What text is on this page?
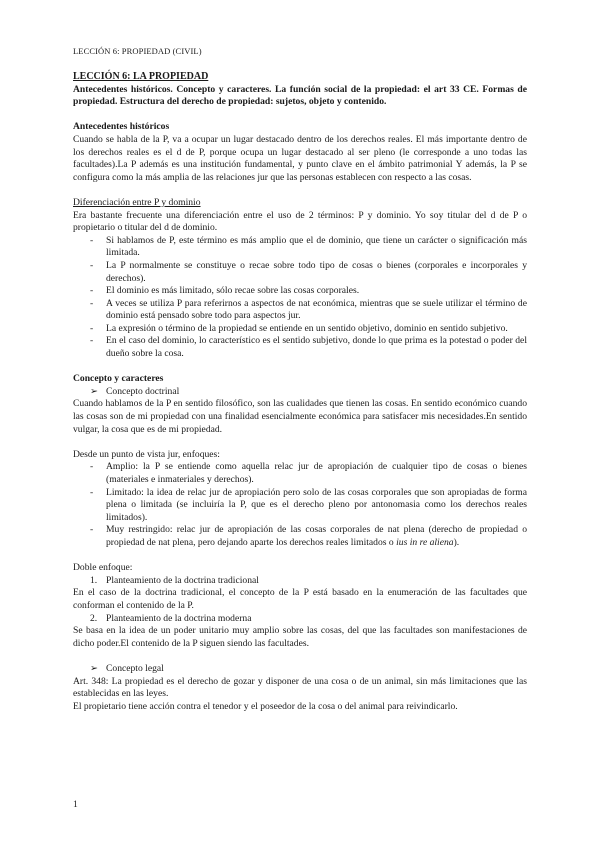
LECCIÓN 6: PROPIEDAD (CIVIL)

LECCIÓN 6: LA PROPIEDAD

Antecedentes históricos. Concepto y caracteres. La función social de la propiedad: el art 33 CE. Formas de propiedad. Estructura del derecho de propiedad: sujetos, objeto y contenido.

Antecedentes históricos

Cuando se habla de la P, va a ocupar un lugar destacado dentro de los derechos reales. El más importante dentro de los derechos reales es el d de P, porque ocupa un lugar destacado al ser pleno (le corresponde a uno todas las facultades).La P además es una institución fundamental, y punto clave en el ámbito patrimonial Y además, la P se configura como la más amplia de las relaciones jur que las personas establecen con respecto a las cosas.

Diferenciación entre P y dominio

Era bastante frecuente una diferenciación entre el uso de 2 términos: P y dominio. Yo soy titular del d de P o propietario o titular del d de dominio.

- Si hablamos de P, este término es más amplio que el de dominio, que tiene un carácter o significación más limitada.
- La P normalmente se constituye o recae sobre todo tipo de cosas o bienes (corporales e incorporales y derechos).
- El dominio es más limitado, sólo recae sobre las cosas corporales.
- A veces se utiliza P para referirnos a aspectos de nat económica, mientras que se suele utilizar el término de dominio está pensado sobre todo para aspectos jur.
- La expresión o término de la propiedad se entiende en un sentido objetivo, dominio en sentido subjetivo.
- En el caso del dominio, lo característico es el sentido subjetivo, donde lo que prima es la potestad o poder del dueño sobre la cosa.

Concepto y caracteres

➢ Concepto doctrinal

Cuando hablamos de la P en sentido filosófico, son las cualidades que tienen las cosas. En sentido económico cuando las cosas son de mi propiedad con una finalidad esencialmente económica para satisfacer mis necesidades.En sentido vulgar, la cosa que es de mi propiedad.

Desde un punto de vista jur, enfoques:

- Amplio: la P se entiende como aquella relac jur de apropiación de cualquier tipo de cosas o bienes (materiales e inmateriales y derechos).
- Limitado: la idea de relac jur de apropiación pero solo de las cosas corporales que son apropiadas de forma plena o limitada (se incluiría la P, que es el derecho pleno por antonomasia como los derechos reales limitados).
- Muy restringido: relac jur de apropiación de las cosas corporales de nat plena (derecho de propiedad o propiedad de nat plena, pero dejando aparte los derechos reales limitados o ius in re aliena).

Doble enfoque:

1. Planteamiento de la doctrina tradicional

En el caso de la doctrina tradicional, el concepto de la P está basado en la enumeración de las facultades que conforman el contenido de la P.

2. Planteamiento de la doctrina moderna

Se basa en la idea de un poder unitario muy amplio sobre las cosas, del que las facultades son manifestaciones de dicho poder.El contenido de la P siguen siendo las facultades.

➢ Concepto legal

Art. 348: La propiedad es el derecho de gozar y disponer de una cosa o de un animal, sin más limitaciones que las establecidas en las leyes.

El propietario tiene acción contra el tenedor y el poseedor de la cosa o del animal para reivindicarlo.

1
